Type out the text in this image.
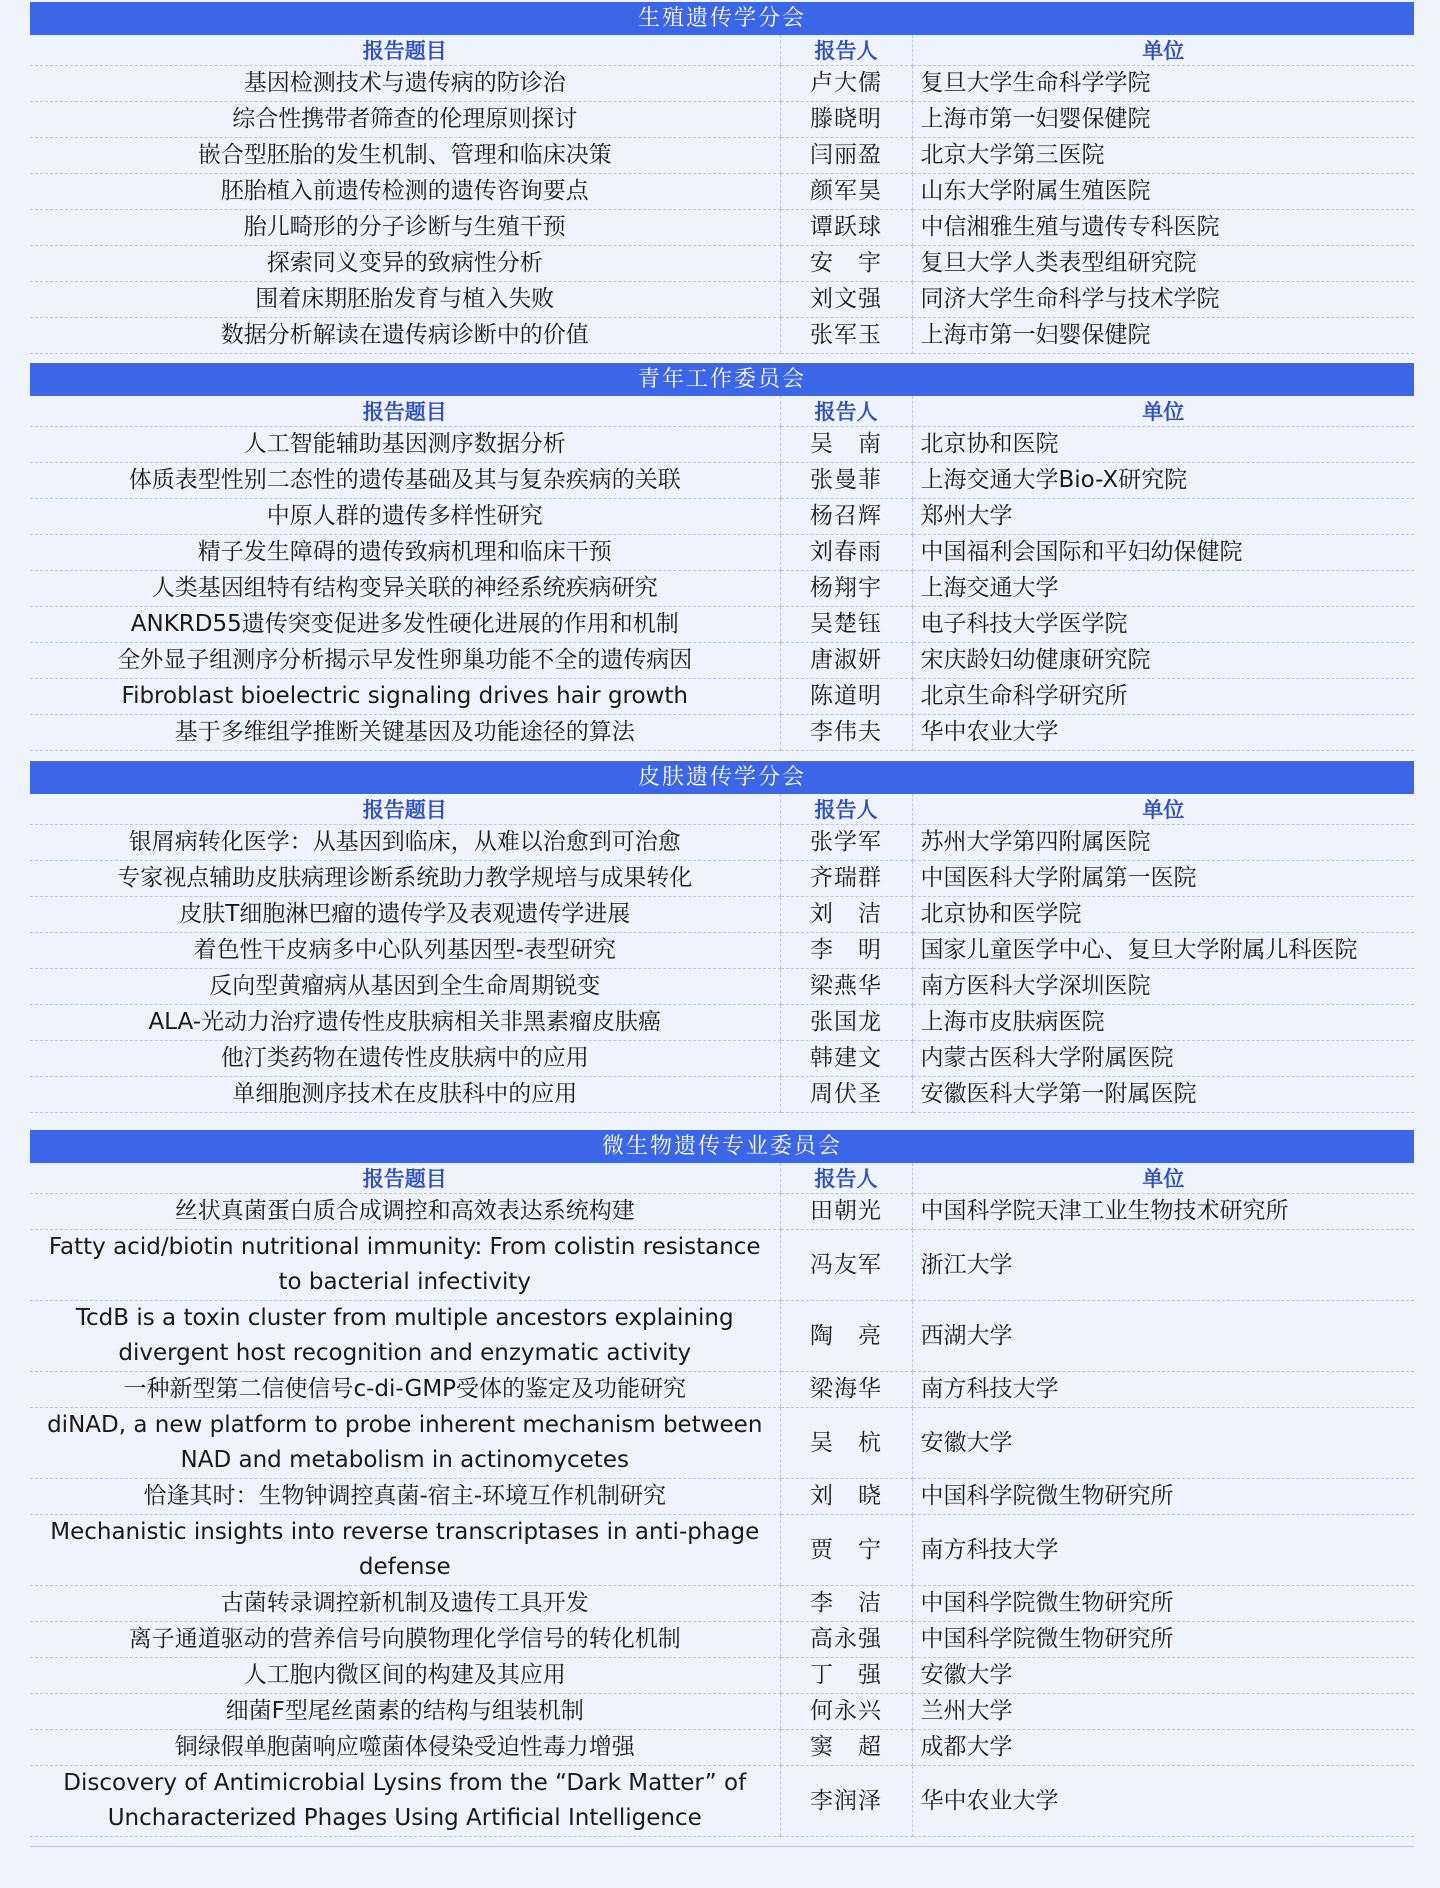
生殖遗传学分会
报告题目	报告人	单位
基因检测技术与遗传病的防诊治	卢大儒	复旦大学生命科学学院
综合性携带者筛查的伦理原则探讨	滕晓明	上海市第一妇婴保健院
嵌合型胚胎的发生机制、管理和临床决策	闫丽盈	北京大学第三医院
胚胎植入前遗传检测的遗传咨询要点	颜军昊	山东大学附属生殖医院
胎儿畸形的分子诊断与生殖干预	谭跃球	中信湘雅生殖与遗传专科医院
探索同义变异的致病性分析	安　宇	复旦大学人类表型组研究院
围着床期胚胎发育与植入失败	刘文强	同济大学生命科学与技术学院
数据分析解读在遗传病诊断中的价值	张军玉	上海市第一妇婴保健院
青年工作委员会
报告题目	报告人	单位
人工智能辅助基因测序数据分析	吴　南	北京协和医院
体质表型性别二态性的遗传基础及其与复杂疾病的关联	张曼菲	上海交通大学Bio-X研究院
中原人群的遗传多样性研究	杨召辉	郑州大学
精子发生障碍的遗传致病机理和临床干预	刘春雨	中国福利会国际和平妇幼保健院
人类基因组特有结构变异关联的神经系统疾病研究	杨翔宇	上海交通大学
ANKRD55遗传突变促进多发性硬化进展的作用和机制	吴楚钰	电子科技大学医学院
全外显子组测序分析揭示早发性卵巢功能不全的遗传病因	唐淑妍	宋庆龄妇幼健康研究院
Fibroblast bioelectric signaling drives hair growth	陈道明	北京生命科学研究所
基于多维组学推断关键基因及功能途径的算法	李伟夫	华中农业大学
皮肤遗传学分会
报告题目	报告人	单位
银屑病转化医学：从基因到临床，从难以治愈到可治愈	张学军	苏州大学第四附属医院
专家视点辅助皮肤病理诊断系统助力教学规培与成果转化	齐瑞群	中国医科大学附属第一医院
皮肤T细胞淋巴瘤的遗传学及表观遗传学进展	刘　洁	北京协和医学院
着色性干皮病多中心队列基因型-表型研究	李　明	国家儿童医学中心、复旦大学附属儿科医院
反向型黄瘤病从基因到全生命周期锐变	梁燕华	南方医科大学深圳医院
ALA-光动力治疗遗传性皮肤病相关非黑素瘤皮肤癌	张国龙	上海市皮肤病医院
他汀类药物在遗传性皮肤病中的应用	韩建文	内蒙古医科大学附属医院
单细胞测序技术在皮肤科中的应用	周伏圣	安徽医科大学第一附属医院
微生物遗传专业委员会
报告题目	报告人	单位
丝状真菌蛋白质合成调控和高效表达系统构建	田朝光	中国科学院天津工业生物技术研究所
Fatty acid/biotin nutritional immunity: From colistin resistance to bacterial infectivity	冯友军	浙江大学
TcdB is a toxin cluster from multiple ancestors explaining divergent host recognition and enzymatic activity	陶　亮	西湖大学
一种新型第二信使信号c-di-GMP受体的鉴定及功能研究	梁海华	南方科技大学
diNAD, a new platform to probe inherent mechanism between NAD and metabolism in actinomycetes	吴　杭	安徽大学
恰逢其时：生物钟调控真菌-宿主-环境互作机制研究	刘　晓	中国科学院微生物研究所
Mechanistic insights into reverse transcriptases in anti-phage defense	贾　宁	南方科技大学
古菌转录调控新机制及遗传工具开发	李　洁	中国科学院微生物研究所
离子通道驱动的营养信号向膜物理化学信号的转化机制	高永强	中国科学院微生物研究所
人工胞内微区间的构建及其应用	丁　强	安徽大学
细菌F型尾丝菌素的结构与组装机制	何永兴	兰州大学
铜绿假单胞菌响应噬菌体侵染受迫性毒力增强	窦　超	成都大学
Discovery of Antimicrobial Lysins from the “Dark Matter” of Uncharacterized Phages Using Artificial Intelligence	李润泽	华中农业大学
